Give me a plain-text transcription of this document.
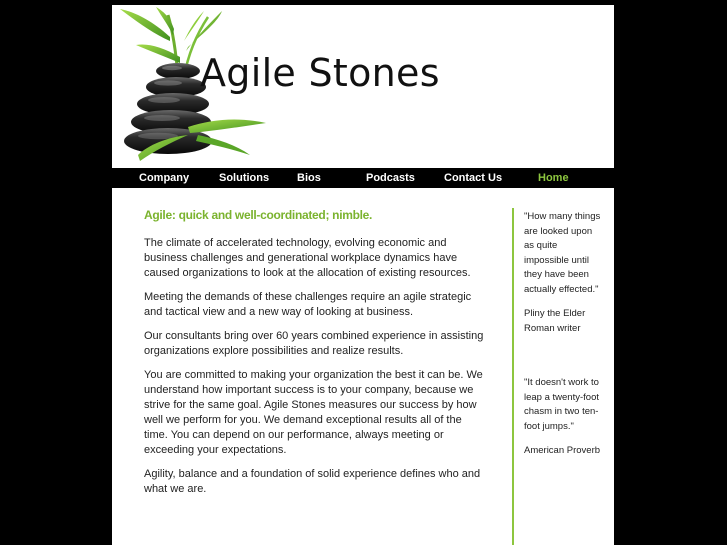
Agile Stones
Company	Solutions	Bios	Podcasts	Contact Us	Home
Agile: quick and well-coordinated; nimble.

The climate of accelerated technology, evolving economic and business challenges and generational workplace dynamics have caused organizations to look at the allocation of existing resources.

Meeting the demands of these challenges require an agile strategic and tactical view and a new way of looking at business.

Our consultants bring over 60 years combined experience in assisting organizations explore possibilities and realize results.

You are committed to making your organization the best it can be. We understand how important success is to your company, because we strive for the same goal. Agile Stones measures our success by how well we perform for you. We demand exceptional results all of the time. You can depend on our performance, always meeting or exceeding your expectations.

Agility, balance and a foundation of solid experience defines who and what we are.

"How many things are looked upon as quite impossible until they have been actually effected."
Pliny the Elder Roman writer
"It doesn't work to leap a twenty-foot chasm in two ten-foot jumps."
American Proverb
